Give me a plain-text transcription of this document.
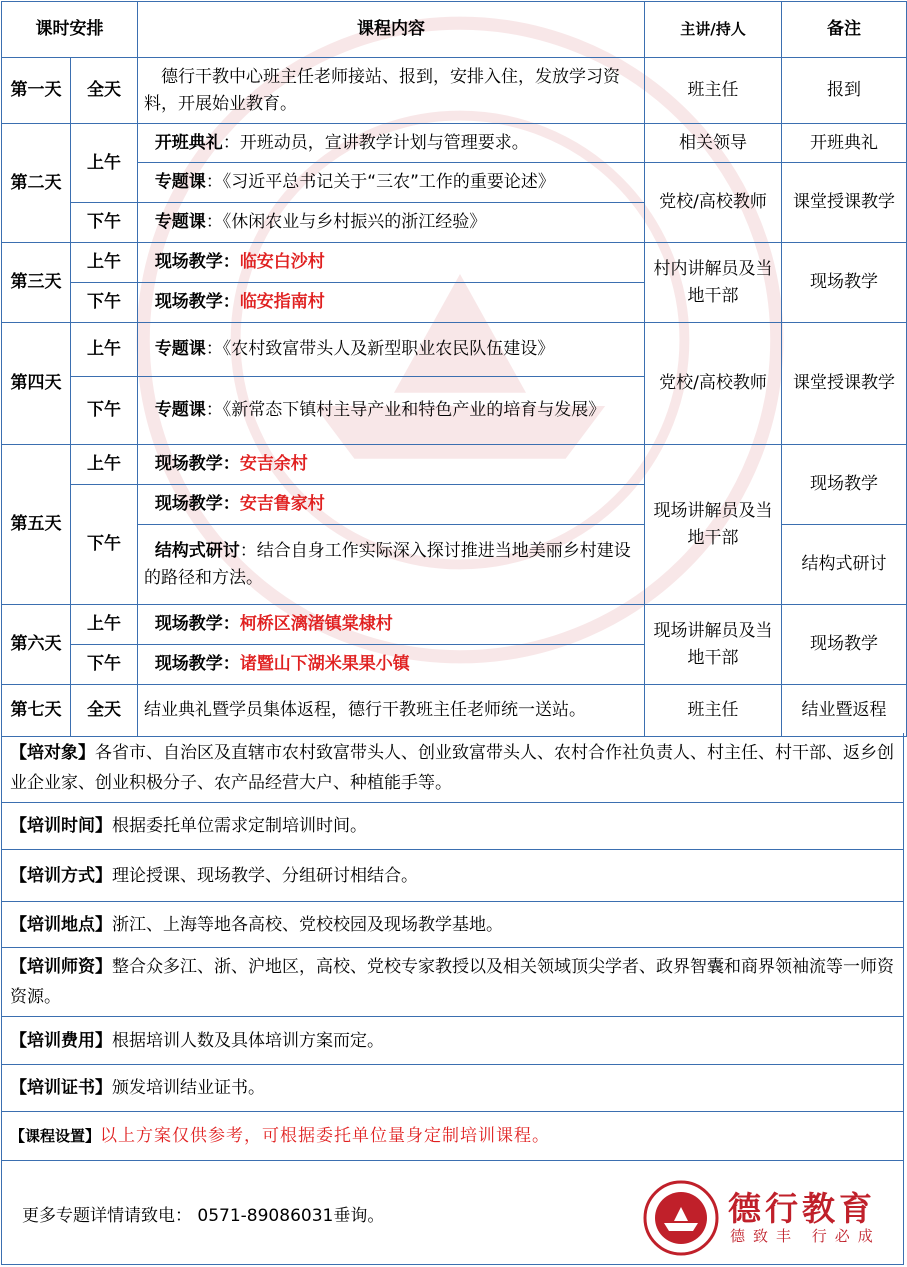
课时安排		课程内容	主讲/持人	备注
第一天	全天	德行干教中心班主任老师接站、报到，安排入住，发放学习资料，开展始业教育。	班主任	报到
第二天	上午	开班典礼：开班动员，宣讲教学计划与管理要求。	相关领导	开班典礼
		专题课：《习近平总书记关于“三农”工作的重要论述》	党校/高校教师	课堂授课教学
	下午	专题课：《休闲农业与乡村振兴的浙江经验》		
第三天	上午	现场教学：临安白沙村	村内讲解员及当地干部	现场教学
	下午	现场教学：临安指南村		
第四天	上午	专题课：《农村致富带头人及新型职业农民队伍建设》	党校/高校教师	课堂授课教学
	下午	专题课：《新常态下镇村主导产业和特色产业的培育与发展》		
第五天	上午	现场教学：安吉余村	现场讲解员及当地干部	现场教学
	下午	现场教学：安吉鲁家村		
		结构式研讨：结合自身工作实际深入探讨推进当地美丽乡村建设的路径和方法。		结构式研讨
第六天	上午	现场教学：柯桥区漓渚镇棠棣村	现场讲解员及当地干部	现场教学
	下午	现场教学：诸暨山下湖米果果小镇		
第七天	全天	结业典礼暨学员集体返程，德行干教班主任老师统一送站。	班主任	结业暨返程
【培对象】各省市、自治区及直辖市农村致富带头人、创业致富带头人、农村合作社负责人、村主任、村干部、返乡创业企业家、创业积极分子、农产品经营大户、种植能手等。
【培训时间】根据委托单位需求定制培训时间。
【培训方式】理论授课、现场教学、分组研讨相结合。
【培训地点】浙江、上海等地各高校、党校校园及现场教学基地。
【培训师资】整合众多江、浙、沪地区，高校、党校专家教授以及相关领域顶尖学者、政界智囊和商界领袖流等一师资资源。
【培训费用】根据培训人数及具体培训方案而定。
【培训证书】颁发培训结业证书。
【课程设置】以上方案仅供参考，可根据委托单位量身定制培训课程。
更多专题详情请致电： 0571-89086031垂询。	德行教育
德致丰 行必成
